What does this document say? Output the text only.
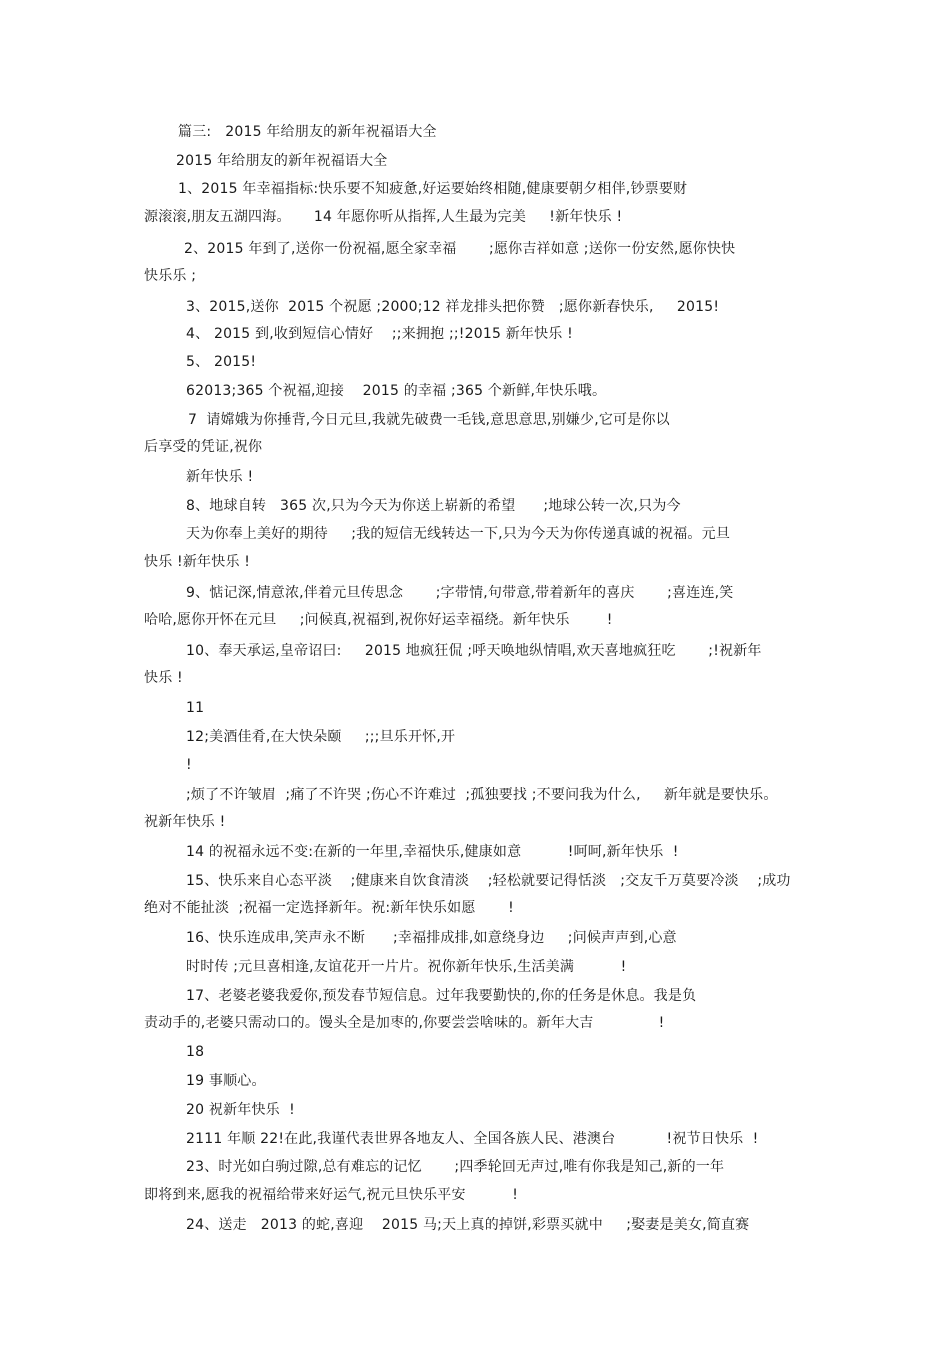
篇三:   2015 年给朋友的新年祝福语大全
2015 年给朋友的新年祝福语大全
1、2015 年幸福指标:快乐要不知疲惫,好运要始终相随,健康要朝夕相伴,钞票要财
源滚滚,朋友五湖四海。     14 年愿你听从指挥,人生最为完美     !新年快乐 !
2、2015 年到了,送你一份祝福,愿全家幸福       ;愿你吉祥如意 ;送你一份安然,愿你快快
快乐乐 ;
3、2015,送你  2015 个祝愿 ;2000;12 祥龙排头把你赞   ;愿你新春快乐,     2015!
4、 2015 到,收到短信心情好    ;;来拥抱 ;;!2015 新年快乐 !
5、 2015!
62013;365 个祝福,迎接    2015 的幸福 ;365 个新鲜,年快乐哦。
7  请嫦娥为你捶背,今日元旦,我就先破费一毛钱,意思意思,别嫌少,它可是你以
后享受的凭证,祝你
新年快乐 !
8、地球自转   365 次,只为今天为你送上崭新的希望      ;地球公转一次,只为今
天为你奉上美好的期待     ;我的短信无线转达一下,只为今天为你传递真诚的祝福。元旦
快乐 !新年快乐 !
9、惦记深,情意浓,伴着元旦传思念       ;字带情,句带意,带着新年的喜庆       ;喜连连,笑
哈哈,愿你开怀在元旦     ;问候真,祝福到,祝你好运幸福绕。新年快乐        !
10、奉天承运,皇帝诏曰:     2015 地疯狂侃 ;呼天唤地纵情唱,欢天喜地疯狂吃       ;!祝新年
快乐 !
11
12;美酒佳肴,在大快朵颐     ;;;旦乐开怀,开
!
;烦了不许皱眉  ;痛了不许哭 ;伤心不许难过  ;孤独要找 ;不要问我为什么,     新年就是要快乐。
祝新年快乐 !
14 的祝福永远不变:在新的一年里,幸福快乐,健康如意          !呵呵,新年快乐  !
15、快乐来自心态平淡    ;健康来自饮食清淡    ;轻松就要记得恬淡   ;交友千万莫要冷淡    ;成功
绝对不能扯淡  ;祝福一定选择新年。祝:新年快乐如愿       !
16、快乐连成串,笑声永不断      ;幸福排成排,如意绕身边     ;问候声声到,心意
时时传 ;元旦喜相逢,友谊花开一片片。祝你新年快乐,生活美满          !
17、老婆老婆我爱你,预发春节短信息。过年我要勤快的,你的任务是休息。我是负
责动手的,老婆只需动口的。馒头全是加枣的,你要尝尝啥味的。新年大吉              !
18
19 事顺心。
20 祝新年快乐  !
2111 年顺 22!在此,我谨代表世界各地友人、全国各族人民、港澳台           !祝节日快乐  !
23、时光如白驹过隙,总有难忘的记忆       ;四季轮回无声过,唯有你我是知己,新的一年
即将到来,愿我的祝福给带来好运气,祝元旦快乐平安          !
24、送走   2013 的蛇,喜迎    2015 马;天上真的掉饼,彩票买就中     ;娶妻是美女,简直赛
